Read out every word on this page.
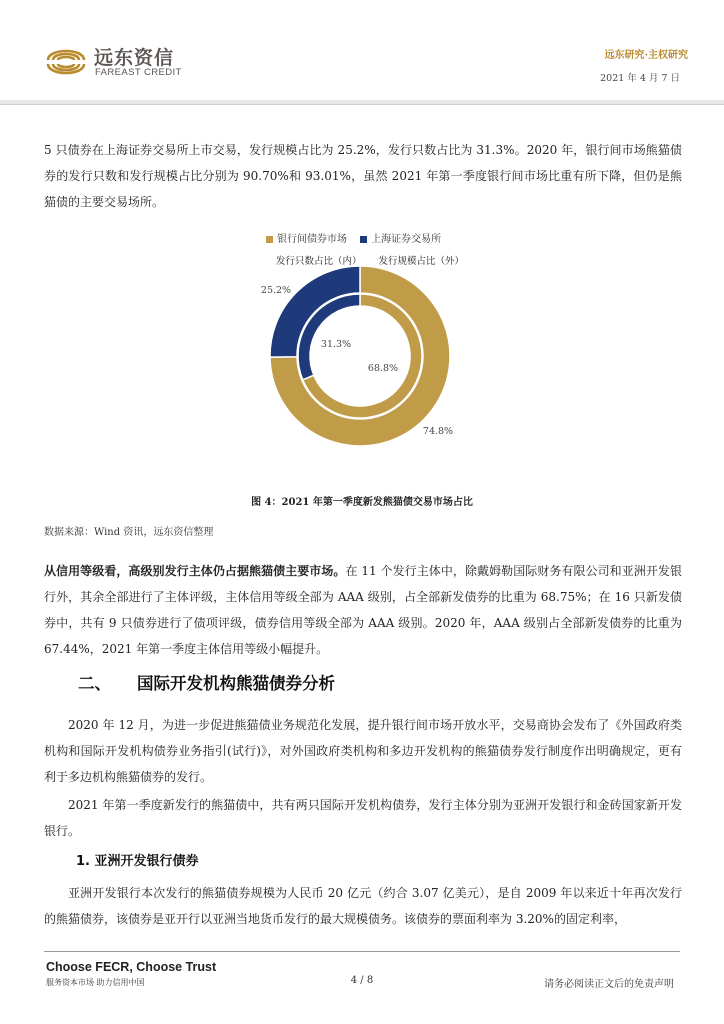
远东资信
FAREAST CREDIT
远东研究·主权研究
2021 年 4 月 7 日

5 只债券在上海证券交易所上市交易，发行规模占比为 25.2%，发行只数占比为 31.3%。2020 年，银行间市场熊猫债券的发行只数和发行规模占比分别为 90.70%和 93.01%，虽然 2021 年第一季度银行间市场比重有所下降，但仍是熊猫债的主要交易场所。

银行间债券市场 上海证券交易所
发行只数占比（内） 发行规模占比（外）
68.8%
31.3%
74.8%
25.2%
图 4：2021 年第一季度新发熊猫债交易市场占比
数据来源：Wind 资讯，远东资信整理

从信用等级看，高级别发行主体仍占据熊猫债主要市场。在 11 个发行主体中，除戴姆勒国际财务有限公司和亚洲开发银行外，其余全部进行了主体评级，主体信用等级全部为 AAA 级别，占全部新发债券的比重为 68.75%；在 16 只新发债券中，共有 9 只债券进行了债项评级，债券信用等级全部为 AAA 级别。2020 年，AAA 级别占全部新发债券的比重为 67.44%，2021 年第一季度主体信用等级小幅提升。

二、 国际开发机构熊猫债券分析

2020 年 12 月，为进一步促进熊猫债业务规范化发展，提升银行间市场开放水平，交易商协会发布了《外国政府类机构和国际开发机构债券业务指引(试行)》，对外国政府类机构和多边开发机构的熊猫债券发行制度作出明确规定，更有利于多边机构熊猫债券的发行。

2021 年第一季度新发行的熊猫债中，共有两只国际开发机构债券，发行主体分别为亚洲开发银行和金砖国家新开发银行。

1. 亚洲开发银行债券

亚洲开发银行本次发行的熊猫债券规模为人民币 20 亿元（约合 3.07 亿美元），是自 2009 年以来近十年再次发行的熊猫债券，该债券是亚开行以亚洲当地货币发行的最大规模债务。该债券的票面利率为 3.20%的固定利率，

Choose FECR, Choose Trust
服务资本市场 助力信用中国	4 / 8	请务必阅读正文后的免责声明
